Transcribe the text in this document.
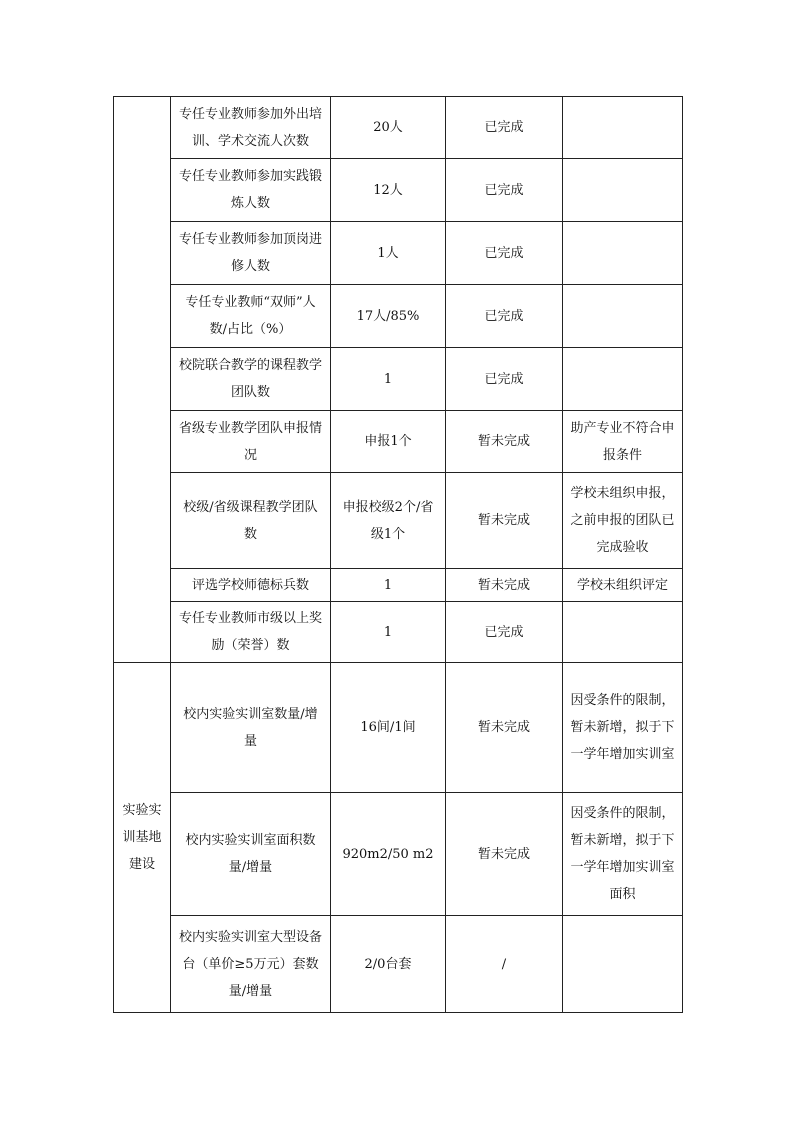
	专任专业教师参加外出培训、学术交流人次数	20人	已完成	
	专任专业教师参加实践锻炼人数	12人	已完成	
	专任专业教师参加顶岗进修人数	1人	已完成	
	专任专业教师“双师”人数/占比（%）	17人/85%	已完成	
	校院联合教学的课程教学团队数	1	已完成	
	省级专业教学团队申报情况	申报1个	暂未完成	助产专业不符合申报条件
	校级/省级课程教学团队数	申报校级2个/省级1个	暂未完成	学校未组织申报，之前申报的团队已完成验收
	评选学校师德标兵数	1	暂未完成	学校未组织评定
	专任专业教师市级以上奖励（荣誉）数	1	已完成	
实验实训基地建设	校内实验实训室数量/增量	16间/1间	暂未完成	因受条件的限制，暂未新增，拟于下一学年增加实训室
	校内实验实训室面积数量/增量	920m2/50 m2	暂未完成	因受条件的限制，暂未新增，拟于下一学年增加实训室面积
	校内实验实训室大型设备台（单价≥5万元）套数量/增量	2/0台套	/	
